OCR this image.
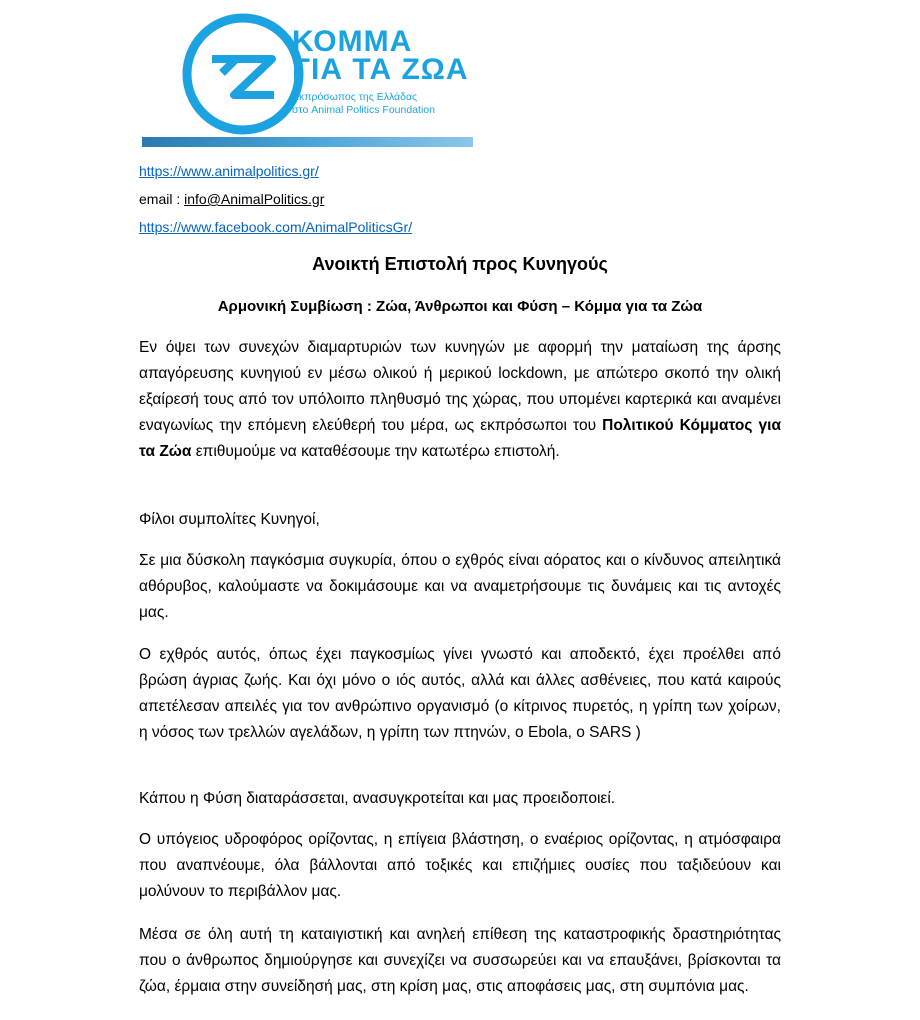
ΚΟΜΜΑ
ΓΙΑ ΤΑ ΖΩΑ
Εκπρόσωπος της Ελλάδας
στο Animal Politics Foundation
https://www.animalpolitics.gr/
email : info@AnimalPolitics.gr
https://www.facebook.com/AnimalPoliticsGr/
Ανοικτή Επιστολή προς Κυνηγούς
Αρμονική Συμβίωση : Ζώα, Άνθρωποι και Φύση – Κόμμα για τα Ζώα
Εν όψει των συνεχών διαμαρτυριών των κυνηγών με αφορμή την ματαίωση της άρσης απαγόρευσης κυνηγιού εν μέσω ολικού ή μερικού lockdown, με απώτερο σκοπό την ολική εξαίρεσή τους από τον υπόλοιπο πληθυσμό της χώρας, που υπομένει καρτερικά και αναμένει εναγωνίως την επόμενη ελεύθερή του μέρα, ως εκπρόσωποι του Πολιτικού Κόμματος για τα Ζώα επιθυμούμε να καταθέσουμε την κατωτέρω επιστολή.
Φίλοι συμπολίτες Κυνηγοί,
Σε μια δύσκολη παγκόσμια συγκυρία, όπου ο εχθρός είναι αόρατος και ο κίνδυνος απειλητικά αθόρυβος, καλούμαστε να δοκιμάσουμε και να αναμετρήσουμε τις δυνάμεις και τις αντοχές μας.
Ο εχθρός αυτός, όπως έχει παγκοσμίως γίνει γνωστό και αποδεκτό, έχει προέλθει από βρώση άγριας ζωής. Και όχι μόνο ο ιός αυτός, αλλά και άλλες ασθένειες, που κατά καιρούς απετέλεσαν απειλές για τον ανθρώπινο οργανισμό (ο κίτρινος πυρετός, η γρίπη των χοίρων, η νόσος των τρελλών αγελάδων, η γρίπη των πτηνών, ο Ebola, ο SARS )
Κάπου η Φύση διαταράσσεται, ανασυγκροτείται και μας προειδοποιεί.
Ο υπόγειος υδροφόρος ορίζοντας, η επίγεια βλάστηση, ο εναέριος ορίζοντας, η ατμόσφαιρα που αναπνέουμε, όλα βάλλονται από τοξικές και επιζήμιες ουσίες που ταξιδεύουν και μολύνουν το περιβάλλον μας.
Μέσα σε όλη αυτή τη καταιγιστική και ανηλεή επίθεση της καταστροφικής δραστηριότητας που ο άνθρωπος δημιούργησε και συνεχίζει να συσσωρεύει και να επαυξάνει, βρίσκονται τα ζώα, έρμαια στην συνείδησή μας, στη κρίση μας, στις αποφάσεις μας, στη συμπόνια μας.
